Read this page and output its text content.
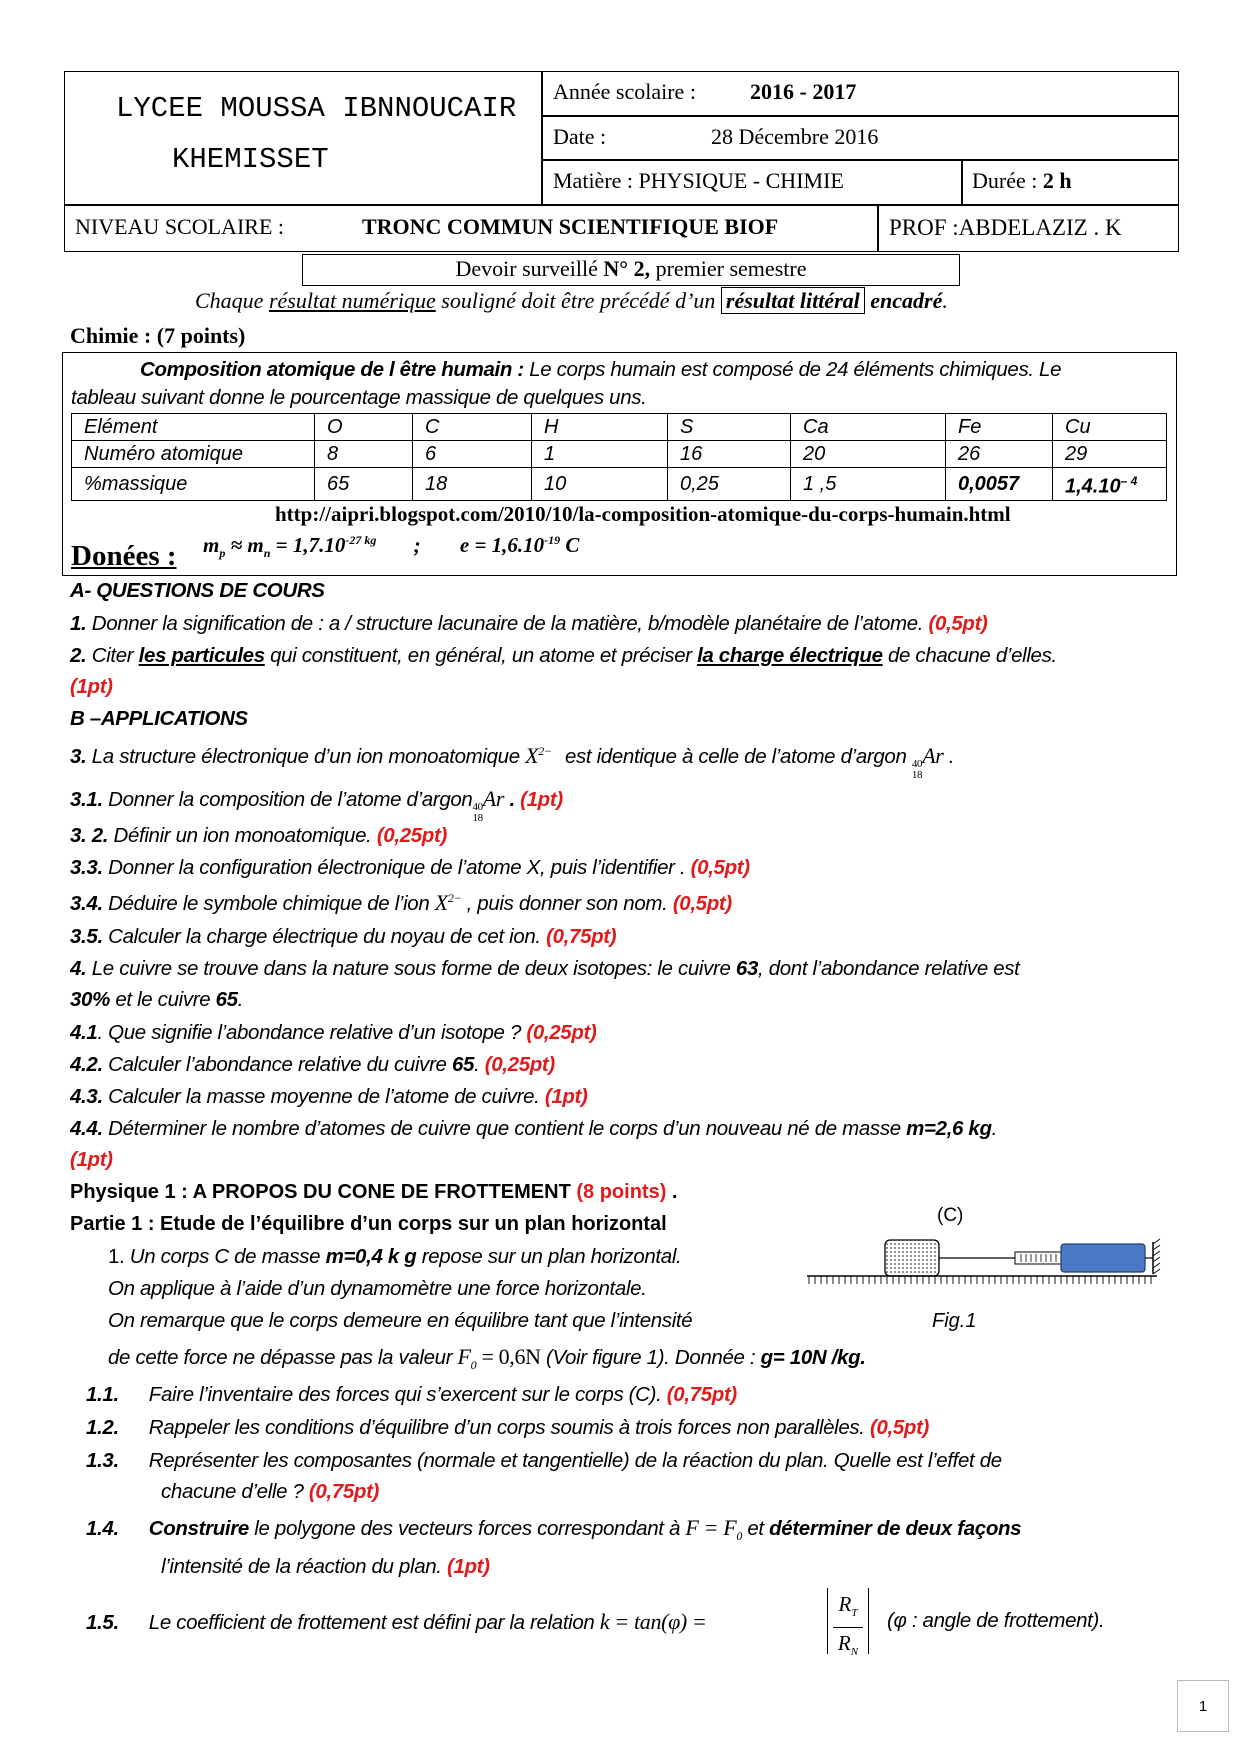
LYCEE MOUSSA IBNNOUCAIR
KHEMISSET
Année scolaire : 2016 - 2017
Date :	28 Décembre 2016
Matière : PHYSIQUE - CHIMIE	Durée : 2 h
NIVEAU SCOLAIRE :	TRONC COMMUN SCIENTIFIQUE BIOF	PROF :ABDELAZIZ . K
Devoir surveillé N° 2, premier semestre
Chaque résultat numérique souligné doit être précédé d’un résultat littéral encadré.
Chimie : (7 points)
Composition atomique de l être humain : Le corps humain est composé de 24 éléments chimiques. Le
tableau suivant donne le pourcentage massique de quelques uns.
Elément	O	C	H	S	Ca	Fe	Cu
Numéro atomique	8	6	1	16	20	26	29
%massique	65	18	10	0,25	1 ,5	0,0057	$1,4.10^{- 4}$
http://aipri.blogspot.com/2010/10/la-composition-atomique-du-corps-humain.html
Donées : $m_p \approx m_n = 1,7.10^{-27 kg}$ ; $e = 1,6.10^{-19}$ C
A- QUESTIONS DE COURS
1. Donner la signification de : a / structure lacunaire de la matière, b/modèle planétaire de l’atome. (0,5pt)
2. Citer les particules qui constituent, en général, un atome et préciser la charge électrique de chacune d’elles.
(1pt)
B –APPLICATIONS
3. La structure électronique d’un ion monoatomique $X^{2-}$ est identique à celle de l’atome d’argon 40
18
Ar .
3.1. Donner la composition de l’atome d’argon 40
18
Ar . (1pt)
3. 2. Définir un ion monoatomique. (0,25pt)
3.3. Donner la configuration électronique de l’atome X, puis l’identifier . (0,5pt)
3.4. Déduire le symbole chimique de l’ion $X^{2-}$ , puis donner son nom. (0,5pt)
3.5. Calculer la charge électrique du noyau de cet ion. (0,75pt)
4. Le cuivre se trouve dans la nature sous forme de deux isotopes: le cuivre 63, dont l’abondance relative est
30% et le cuivre 65.
4.1. Que signifie l’abondance relative d’un isotope ? (0,25pt)
4.2. Calculer l’abondance relative du cuivre 65. (0,25pt)
4.3. Calculer la masse moyenne de l’atome de cuivre. (1pt)
4.4. Déterminer le nombre d’atomes de cuivre que contient le corps d’un nouveau né de masse m=2,6 kg.
(1pt)
Physique 1 : A PROPOS DU CONE DE FROTTEMENT (8 points) .
Partie 1 : Etude de l’équilibre d’un corps sur un plan horizontal
1. Un corps C de masse m=0,4 k g repose sur un plan horizontal.
On applique à l’aide d’un dynamomètre une force horizontale.
On remarque que le corps demeure en équilibre tant que l’intensité
de cette force ne dépasse pas la valeur $F_0 = 0,6N$ (Voir figure 1). Donnée : g= 10N /kg.
(C)
Fig.1
1.1. Faire l’inventaire des forces qui s’exercent sur le corps (C). (0,75pt)
1.2. Rappeler les conditions d’équilibre d’un corps soumis à trois forces non parallèles. (0,5pt)
1.3. Représenter les composantes (normale et tangentielle) de la réaction du plan. Quelle est l’effet de
chacune d’elle ? (0,75pt)
1.4. Construire le polygone des vecteurs forces correspondant à $F = F_0$ et déterminer de deux façons
l’intensité de la réaction du plan. (1pt)
1.5. Le coefficient de frottement est défini par la relation k = tan(φ) =	$\frac{R_T}{R_N} (\varphi$ : angle de frottement).
1
